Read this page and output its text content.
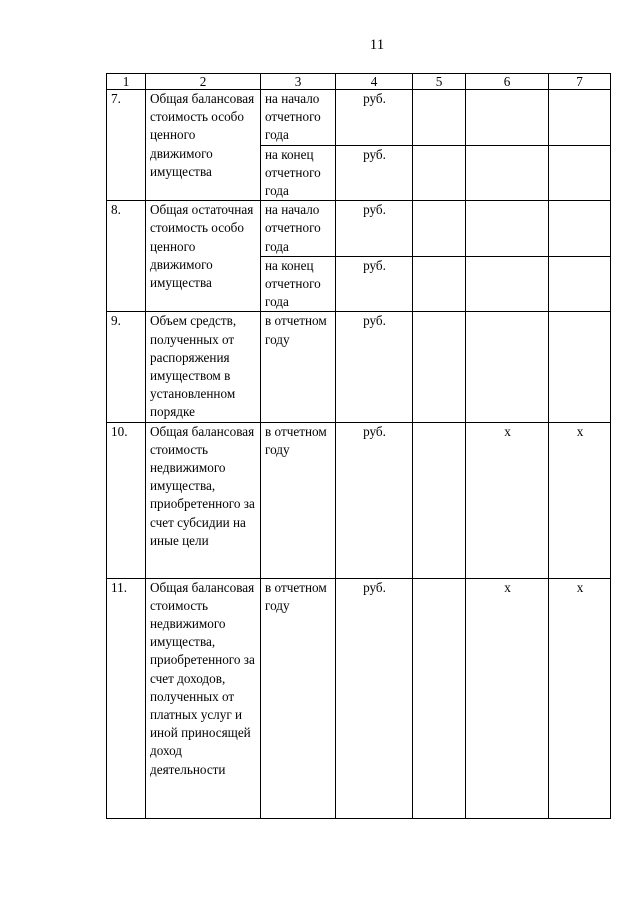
11
1	2	3	4	5	6	7
7.	Общая балансовая стоимость особо ценного движимого имущества	на начало отчетного года	руб.			
		на конец отчетного года	руб.			
8.	Общая остаточная стоимость особо ценного движимого имущества	на начало отчетного года	руб.			
		на конец отчетного года	руб.			
9.	Объем средств, полученных от распоряжения имуществом в установленном порядке	в отчетном году	руб.			
10.	Общая балансовая стоимость недвижимого имущества, приобретенного за счет субсидии на иные цели	в отчетном году	руб.		х	х
11.	Общая балансовая стоимость недвижимого имущества, приобретенного за счет доходов, полученных от платных услуг и иной приносящей доход деятельности	в отчетном году	руб.		х	х
